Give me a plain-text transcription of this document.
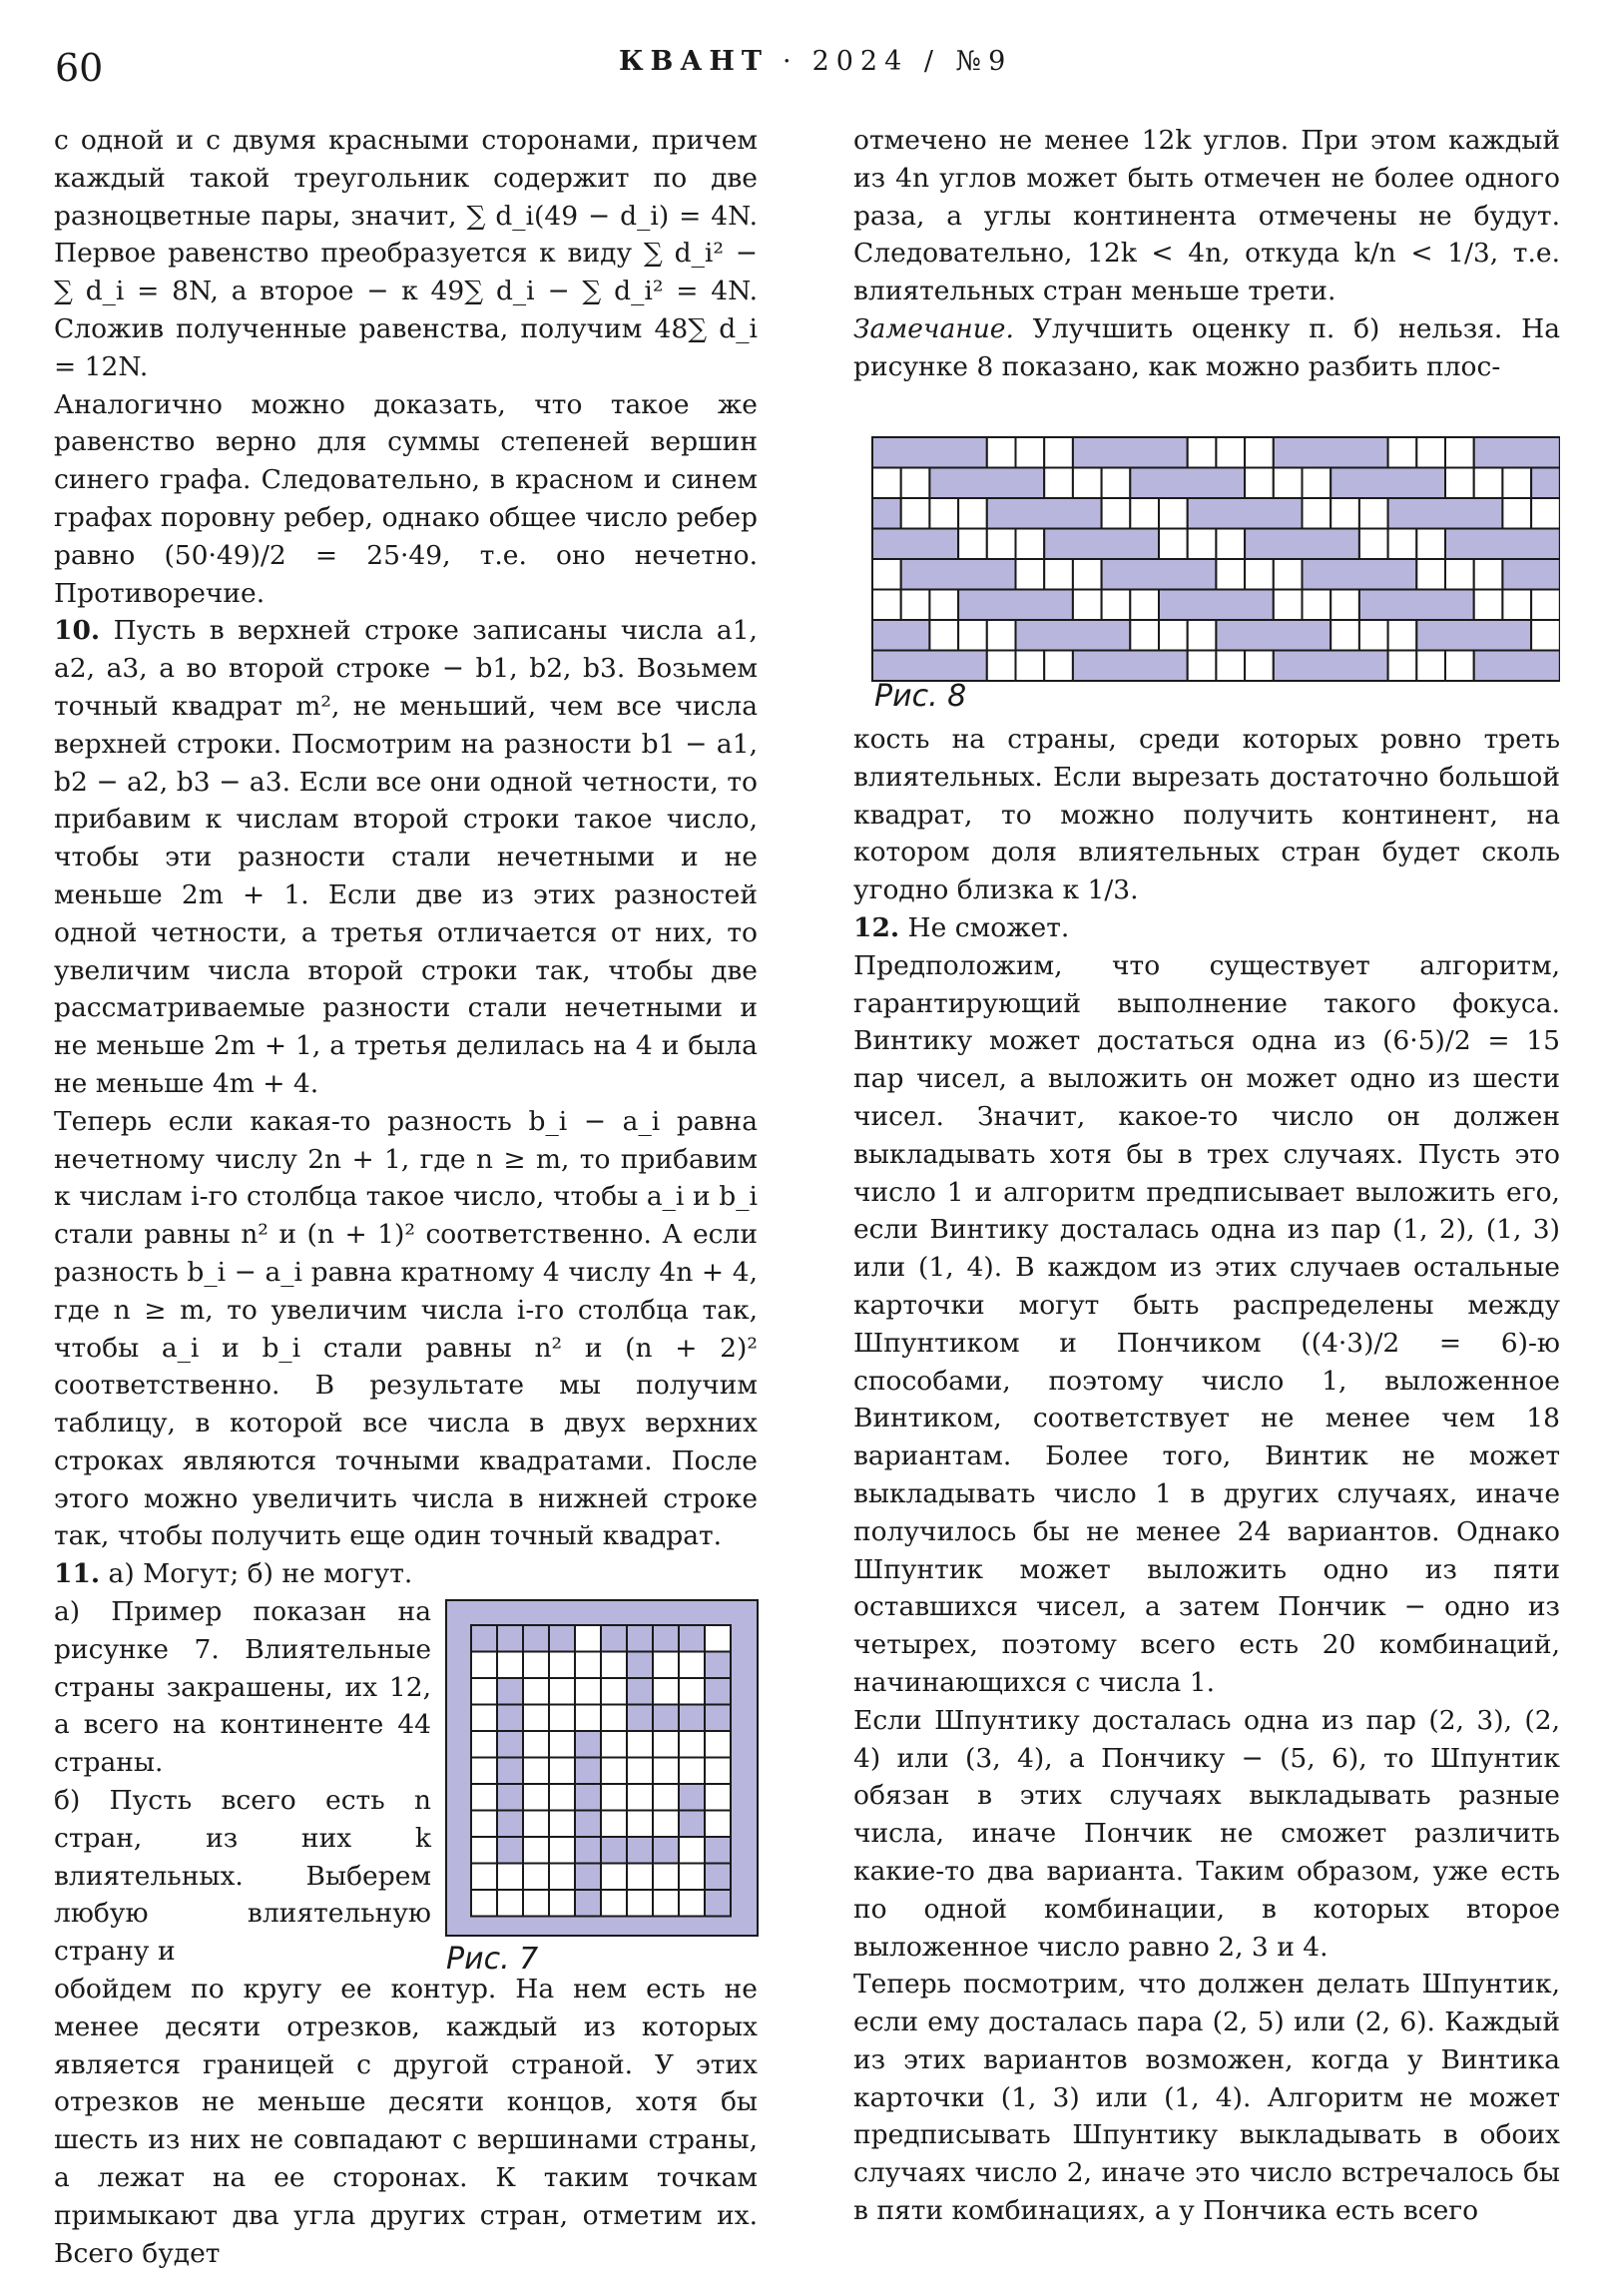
60	КВАНТ · 2024 / №9

с одной и с двумя красными сторонами, причем каждый такой треугольник содержит по две разноцветные пары, значит, ∑ d_i(49 − d_i) = 4N. Первое равенство преобразуется к виду ∑ d_i² − ∑ d_i = 8N, а второе − к 49∑ d_i − ∑ d_i² = 4N. Сложив полученные равенства, получим 48∑ d_i = 12N.

Аналогично можно доказать, что такое же равенство верно для суммы степеней вершин синего графа. Следовательно, в красном и синем графах поровну ребер, однако общее число ребер равно (50·49)/2 = 25·49, т.е. оно нечетно. Противоречие.

10. Пусть в верхней строке записаны числа a1, a2, a3, а во второй строке − b1, b2, b3. Возьмем точный квадрат m², не меньший, чем все числа верхней строки. Посмотрим на разности b1 − a1, b2 − a2, b3 − a3. Если все они одной четности, то прибавим к числам второй строки такое число, чтобы эти разности стали нечетными и не меньше 2m + 1. Если две из этих разностей одной четности, а третья отличается от них, то увеличим числа второй строки так, чтобы две рассматриваемые разности стали нечетными и не меньше 2m + 1, а третья делилась на 4 и была не меньше 4m + 4.

Теперь если какая-то разность b_i − a_i равна нечетному числу 2n + 1, где n ≥ m, то прибавим к числам i-го столбца такое число, чтобы a_i и b_i стали равны n² и (n + 1)² соответственно. А если разность b_i − a_i равна кратному 4 числу 4n + 4, где n ≥ m, то увеличим числа i-го столбца так, чтобы a_i и b_i стали равны n² и (n + 2)² соответственно. В результате мы получим таблицу, в которой все числа в двух верхних строках являются точными квадратами. После этого можно увеличить числа в нижней строке так, чтобы получить еще один точный квадрат.

11. а) Могут; б) не могут.

а) Пример показан на рисунке 7. Влиятельные страны закрашены, их 12, а всего на континенте 44 страны.

б) Пусть всего есть n стран, из них k влиятельных. Выберем любую влиятельную страну и

обойдем по кругу ее контур. На нем есть не менее десяти отрезков, каждый из которых является границей с другой страной. У этих отрезков не меньше десяти концов, хотя бы шесть из них не совпадают с вершинами страны, а лежат на ее сторонах. К таким точкам примыкают два угла других стран, отметим их. Всего будет

Рис. 7

отмечено не менее 12k углов. При этом каждый из 4n углов может быть отмечен не более одного раза, а углы континента отмечены не будут. Следовательно, 12k < 4n, откуда k/n < 1/3, т.е. влиятельных стран меньше трети.

Замечание. Улучшить оценку п. б) нельзя. На рисунке 8 показано, как можно разбить плос-

Рис. 8

кость на страны, среди которых ровно треть влиятельных. Если вырезать достаточно большой квадрат, то можно получить континент, на котором доля влиятельных стран будет сколь угодно близка к 1/3.

12. Не сможет.

Предположим, что существует алгоритм, гарантирующий выполнение такого фокуса. Винтику может достаться одна из (6·5)/2 = 15 пар чисел, а выложить он может одно из шести чисел. Значит, какое-то число он должен выкладывать хотя бы в трех случаях. Пусть это число 1 и алгоритм предписывает выложить его, если Винтику досталась одна из пар (1, 2), (1, 3) или (1, 4). В каждом из этих случаев остальные карточки могут быть распределены между Шпунтиком и Пончиком ((4·3)/2 = 6)-ю способами, поэтому число 1, выложенное Винтиком, соответствует не менее чем 18 вариантам. Более того, Винтик не может выкладывать число 1 в других случаях, иначе получилось бы не менее 24 вариантов. Однако Шпунтик может выложить одно из пяти оставшихся чисел, а затем Пончик − одно из четырех, поэтому всего есть 20 комбинаций, начинающихся с числа 1.

Если Шпунтику досталась одна из пар (2, 3), (2, 4) или (3, 4), а Пончику − (5, 6), то Шпунтик обязан в этих случаях выкладывать разные числа, иначе Пончик не сможет различить какие-то два варианта. Таким образом, уже есть по одной комбинации, в которых второе выложенное число равно 2, 3 и 4.

Теперь посмотрим, что должен делать Шпунтик, если ему досталась пара (2, 5) или (2, 6). Каждый из этих вариантов возможен, когда у Винтика карточки (1, 3) или (1, 4). Алгоритм не может предписывать Шпунтику выкладывать в обоих случаях число 2, иначе это число встречалось бы в пяти комбинациях, а у Пончика есть всего
